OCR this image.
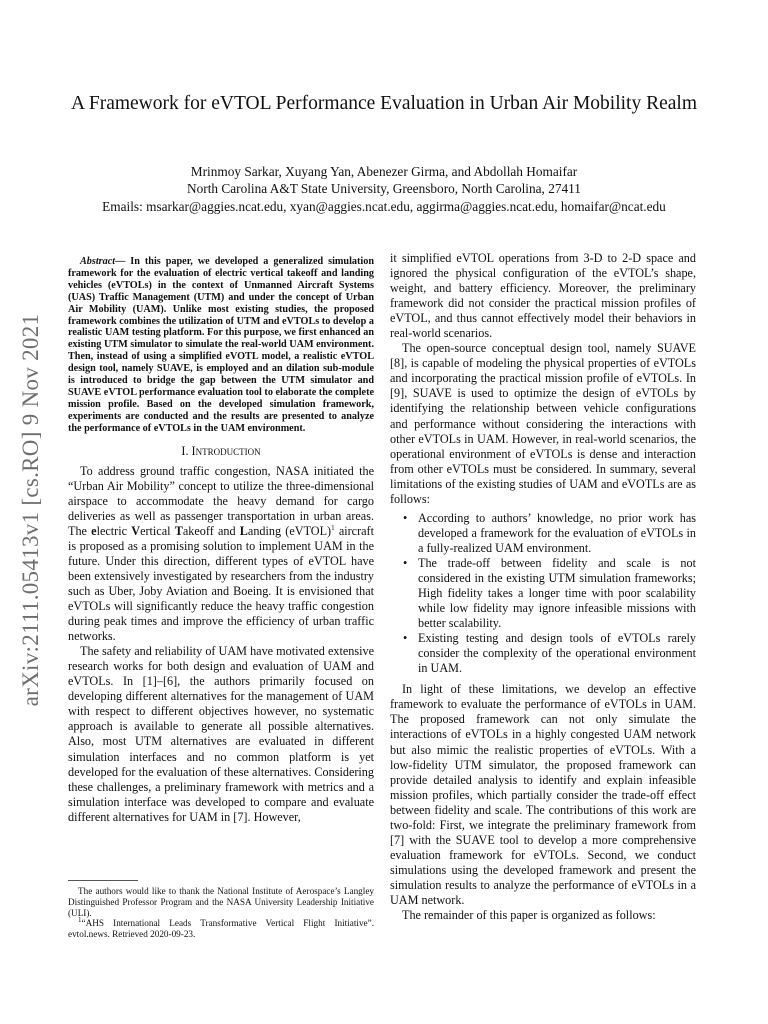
arXiv:2111.05413v1 [cs.RO] 9 Nov 2021
A Framework for eVTOL Performance Evaluation in Urban Air Mobility Realm
Mrinmoy Sarkar, Xuyang Yan, Abenezer Girma, and Abdollah Homaifar
North Carolina A&T State University, Greensboro, North Carolina, 27411
Emails: msarkar@aggies.ncat.edu, xyan@aggies.ncat.edu, aggirma@aggies.ncat.edu, homaifar@ncat.edu

Abstract— In this paper, we developed a generalized simulation framework for the evaluation of electric vertical takeoff and landing vehicles (eVTOLs) in the context of Unmanned Aircraft Systems (UAS) Traffic Management (UTM) and under the concept of Urban Air Mobility (UAM). Unlike most existing studies, the proposed framework combines the utilization of UTM and eVTOLs to develop a realistic UAM testing platform. For this purpose, we first enhanced an existing UTM simulator to simulate the real-world UAM environment. Then, instead of using a simplified eVOTL model, a realistic eVTOL design tool, namely SUAVE, is employed and an dilation sub-module is introduced to bridge the gap between the UTM simulator and SUAVE eVTOL performance evaluation tool to elaborate the complete mission profile. Based on the developed simulation framework, experiments are conducted and the results are presented to analyze the performance of eVTOLs in the UAM environment.

I. Introduction

To address ground traffic congestion, NASA initiated the “Urban Air Mobility” concept to utilize the three-dimensional airspace to accommodate the heavy demand for cargo deliveries as well as passenger transportation in urban areas. The electric Vertical Takeoff and Landing (eVTOL)$^1$ aircraft is proposed as a promising solution to implement UAM in the future. Under this direction, different types of eVTOL have been extensively investigated by researchers from the industry such as Uber, Joby Aviation and Boeing. It is envisioned that eVTOLs will significantly reduce the heavy traffic congestion during peak times and improve the efficiency of urban traffic networks.

The safety and reliability of UAM have motivated extensive research works for both design and evaluation of UAM and eVTOLs. In [1]–[6], the authors primarily focused on developing different alternatives for the management of UAM with respect to different objectives however, no systematic approach is available to generate all possible alternatives. Also, most UTM alternatives are evaluated in different simulation interfaces and no common platform is yet developed for the evaluation of these alternatives. Considering these challenges, a preliminary framework with metrics and a simulation interface was developed to compare and evaluate different alternatives for UAM in [7]. However,

The authors would like to thank the National Institute of Aerospace’s Langley Distinguished Professor Program and the NASA University Leadership Initiative (ULI).

$^1$“AHS International Leads Transformative Vertical Flight Initiative”. evtol.news. Retrieved 2020-09-23.

it simplified eVTOL operations from 3-D to 2-D space and ignored the physical configuration of the eVTOL’s shape, weight, and battery efficiency. Moreover, the preliminary framework did not consider the practical mission profiles of eVTOL, and thus cannot effectively model their behaviors in real-world scenarios.

The open-source conceptual design tool, namely SUAVE [8], is capable of modeling the physical properties of eVTOLs and incorporating the practical mission profile of eVTOLs. In [9], SUAVE is used to optimize the design of eVTOLs by identifying the relationship between vehicle configurations and performance without considering the interactions with other eVTOLs in UAM. However, in real-world scenarios, the operational environment of eVTOLs is dense and interaction from other eVTOLs must be considered. In summary, several limitations of the existing studies of UAM and eVOTLs are as follows:

• According to authors’ knowledge, no prior work has developed a framework for the evaluation of eVTOLs in a fully-realized UAM environment.
• The trade-off between fidelity and scale is not considered in the existing UTM simulation frameworks; High fidelity takes a longer time with poor scalability while low fidelity may ignore infeasible missions with better scalability.
• Existing testing and design tools of eVTOLs rarely consider the complexity of the operational environment in UAM.

In light of these limitations, we develop an effective framework to evaluate the performance of eVTOLs in UAM. The proposed framework can not only simulate the interactions of eVTOLs in a highly congested UAM network but also mimic the realistic properties of eVTOLs. With a low-fidelity UTM simulator, the proposed framework can provide detailed analysis to identify and explain infeasible mission profiles, which partially consider the trade-off effect between fidelity and scale. The contributions of this work are two-fold: First, we integrate the preliminary framework from [7] with the SUAVE tool to develop a more comprehensive evaluation framework for eVTOLs. Second, we conduct simulations using the developed framework and present the simulation results to analyze the performance of eVTOLs in a UAM network.

The remainder of this paper is organized as follows:
